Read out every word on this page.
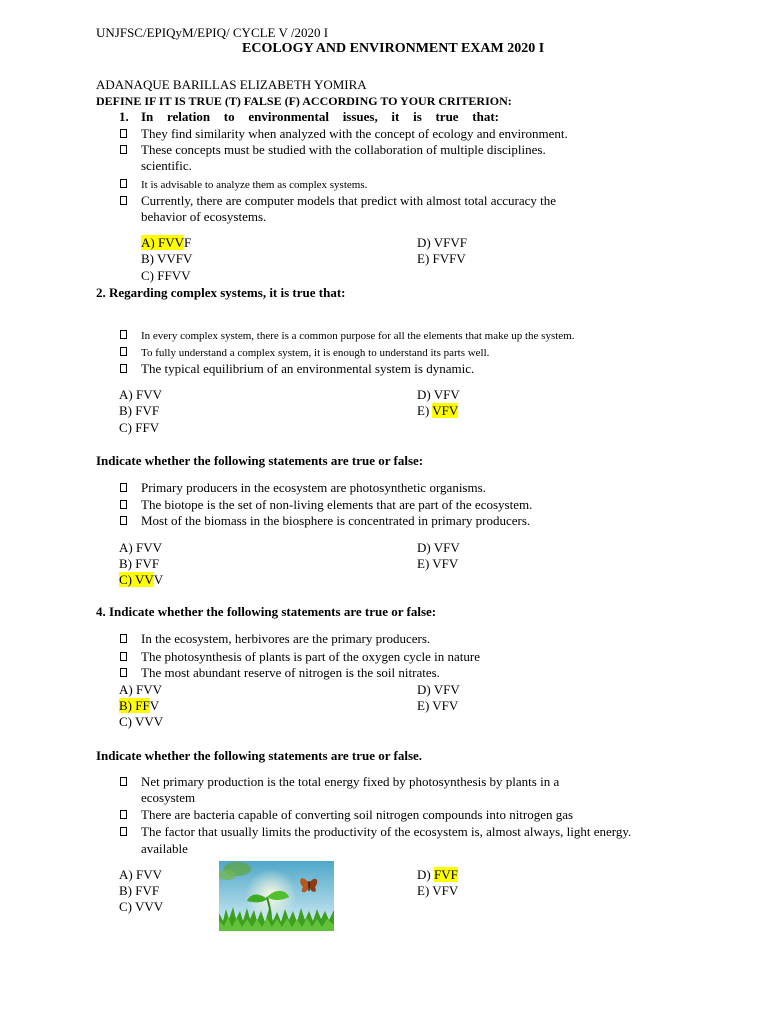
UNJFSC/EPIQyM/EPIQ/ CYCLE V /2020 I
ECOLOGY AND ENVIRONMENT EXAM 2020 I
ADANAQUE BARILLAS ELIZABETH YOMIRA
DEFINE IF IT IS TRUE (T) FALSE (F) ACCORDING TO YOUR CRITERION:
1. In relation to environmental issues, it is true that:
They find similarity when analyzed with the concept of ecology and environment.
These concepts must be studied with the collaboration of multiple disciplines.
scientific.
It is advisable to analyze them as complex systems.
Currently, there are computer models that predict with almost total accuracy the
behavior of ecosystems.
A) FVVF
B) VVFV
C) FFVV
D) VFVF
E) FVFV
2. Regarding complex systems, it is true that:
In every complex system, there is a common purpose for all the elements that make up the system.
To fully understand a complex system, it is enough to understand its parts well.
The typical equilibrium of an environmental system is dynamic.
A) FVV
B) FVF
C) FFV
D) VFV
E) VFV
Indicate whether the following statements are true or false:
Primary producers in the ecosystem are photosynthetic organisms.
The biotope is the set of non-living elements that are part of the ecosystem.
Most of the biomass in the biosphere is concentrated in primary producers.
A) FVV
B) FVF
C) VVV
D) VFV
E) VFV
4. Indicate whether the following statements are true or false:
In the ecosystem, herbivores are the primary producers.
The photosynthesis of plants is part of the oxygen cycle in nature
The most abundant reserve of nitrogen is the soil nitrates.
A) FVV
B) FFV
C) VVV
D) VFV
E) VFV
Indicate whether the following statements are true or false.
Net primary production is the total energy fixed by photosynthesis by plants in a
ecosystem
There are bacteria capable of converting soil nitrogen compounds into nitrogen gas
The factor that usually limits the productivity of the ecosystem is, almost always, light energy.
available
A) FVV
B) FVF
C) VVV
D) FVF
E) VFV
